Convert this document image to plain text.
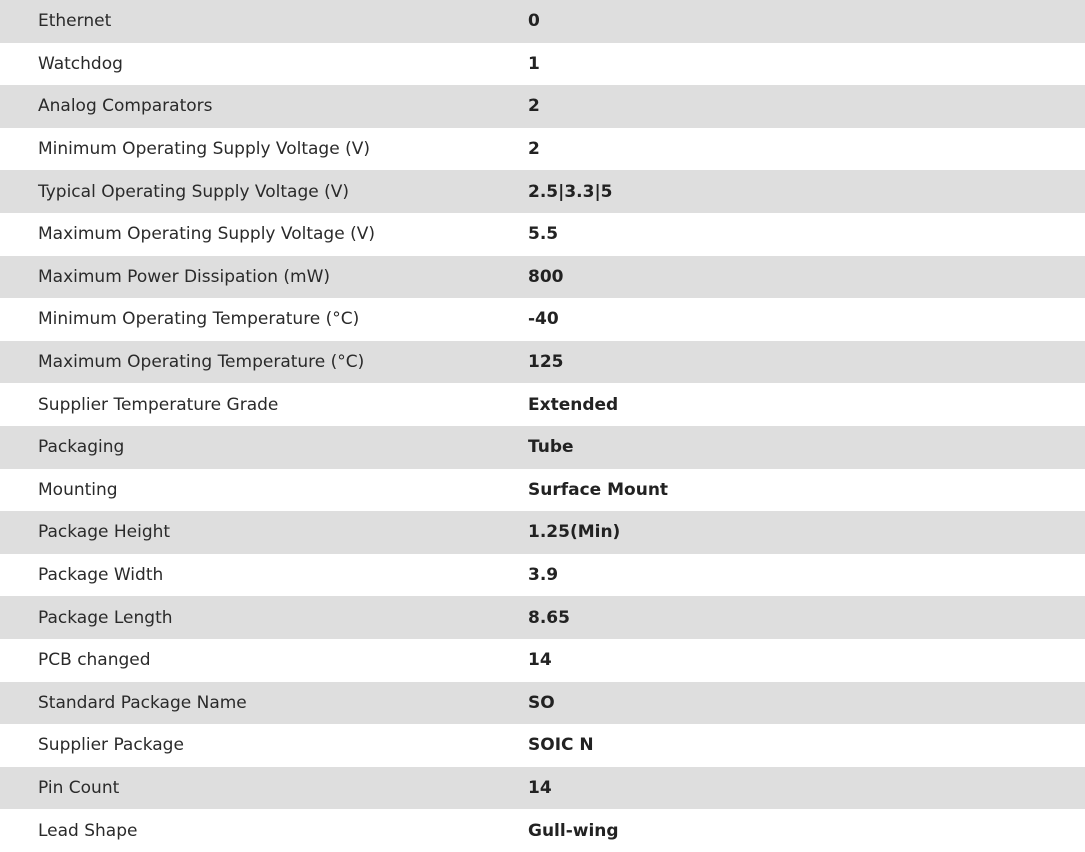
Ethernet	0
Watchdog	1
Analog Comparators	2
Minimum Operating Supply Voltage (V)	2
Typical Operating Supply Voltage (V)	2.5|3.3|5
Maximum Operating Supply Voltage (V)	5.5
Maximum Power Dissipation (mW)	800
Minimum Operating Temperature (°C)	-40
Maximum Operating Temperature (°C)	125
Supplier Temperature Grade	Extended
Packaging	Tube
Mounting	Surface Mount
Package Height	1.25(Min)
Package Width	3.9
Package Length	8.65
PCB changed	14
Standard Package Name	SO
Supplier Package	SOIC N
Pin Count	14
Lead Shape	Gull-wing
